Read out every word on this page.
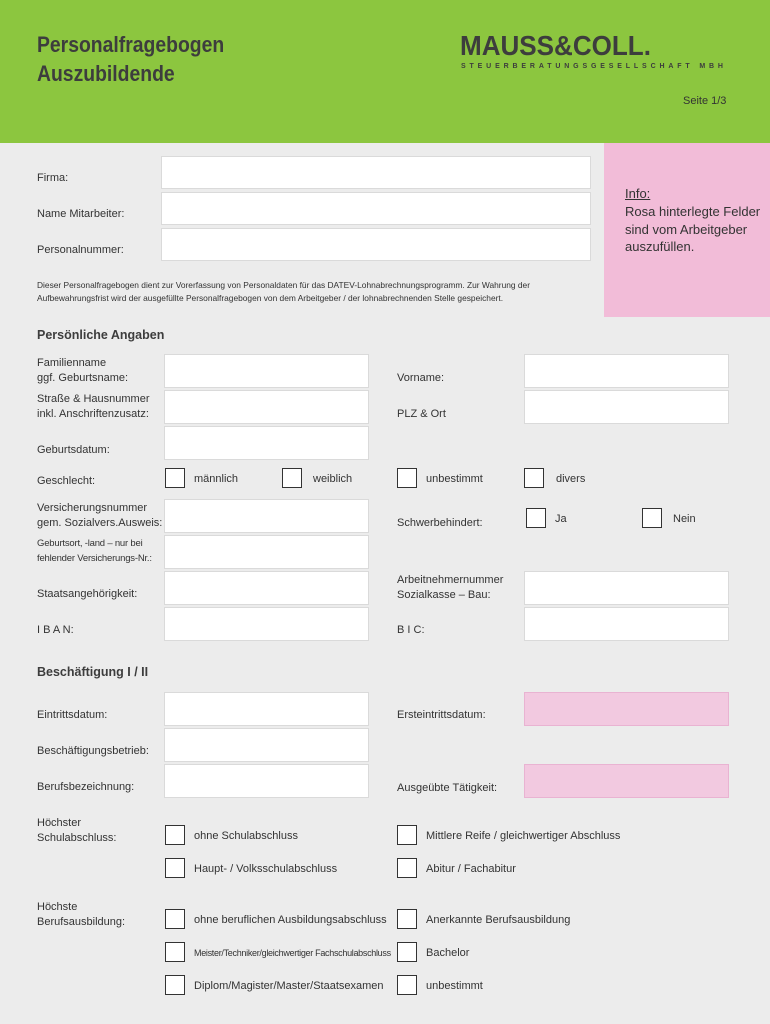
Personalfragebogen
Auszubildende
MAUSS&COLL.
STEUERBERATUNGSGESELLSCHAFT MBH
Seite 1/3
Info:
Rosa hinterlegte Felder sind vom Arbeitgeber auszufüllen.
Firma:
Name Mitarbeiter:
Personalnummer:
Dieser Personalfragebogen dient zur Vorerfassung von Personaldaten für das DATEV-Lohnabrechnungsprogramm. Zur Wahrung der Aufbewahrungsfrist wird der ausgefüllte Personalfragebogen von dem Arbeitgeber / der lohnabrechnenden Stelle gespeichert.
Persönliche Angaben
Familienname
ggf. Geburtsname:	Vorname:
Straße & Hausnummer
inkl. Anschriftenzusatz:	PLZ & Ort
Geburtsdatum:
Geschlecht:	männlich	weiblich	unbestimmt	divers
Versicherungsnummer
gem. Sozialvers.Ausweis:	Schwerbehindert:	Ja	Nein
Geburtsort, -land – nur bei
fehlender Versicherungs-Nr.:
Staatsangehörigkeit:
Arbeitnehmernummer
Sozialkasse – Bau:
I B A N:	B I C:
Beschäftigung I / II
Eintrittsdatum:	Ersteintrittsdatum:
Beschäftigungsbetrieb:
Berufsbezeichnung:	Ausgeübte Tätigkeit:
Höchster
Schulabschluss:	ohne Schulabschluss	Mittlere Reife / gleichwertiger Abschluss
Haupt- / Volksschulabschluss	Abitur / Fachabitur
Höchste
Berufsausbildung:	ohne beruflichen Ausbildungsabschluss	Anerkannte Berufsausbildung
Meister/Techniker/gleichwertiger Fachschulabschluss	Bachelor
Diplom/Magister/Master/Staatsexamen	unbestimmt
